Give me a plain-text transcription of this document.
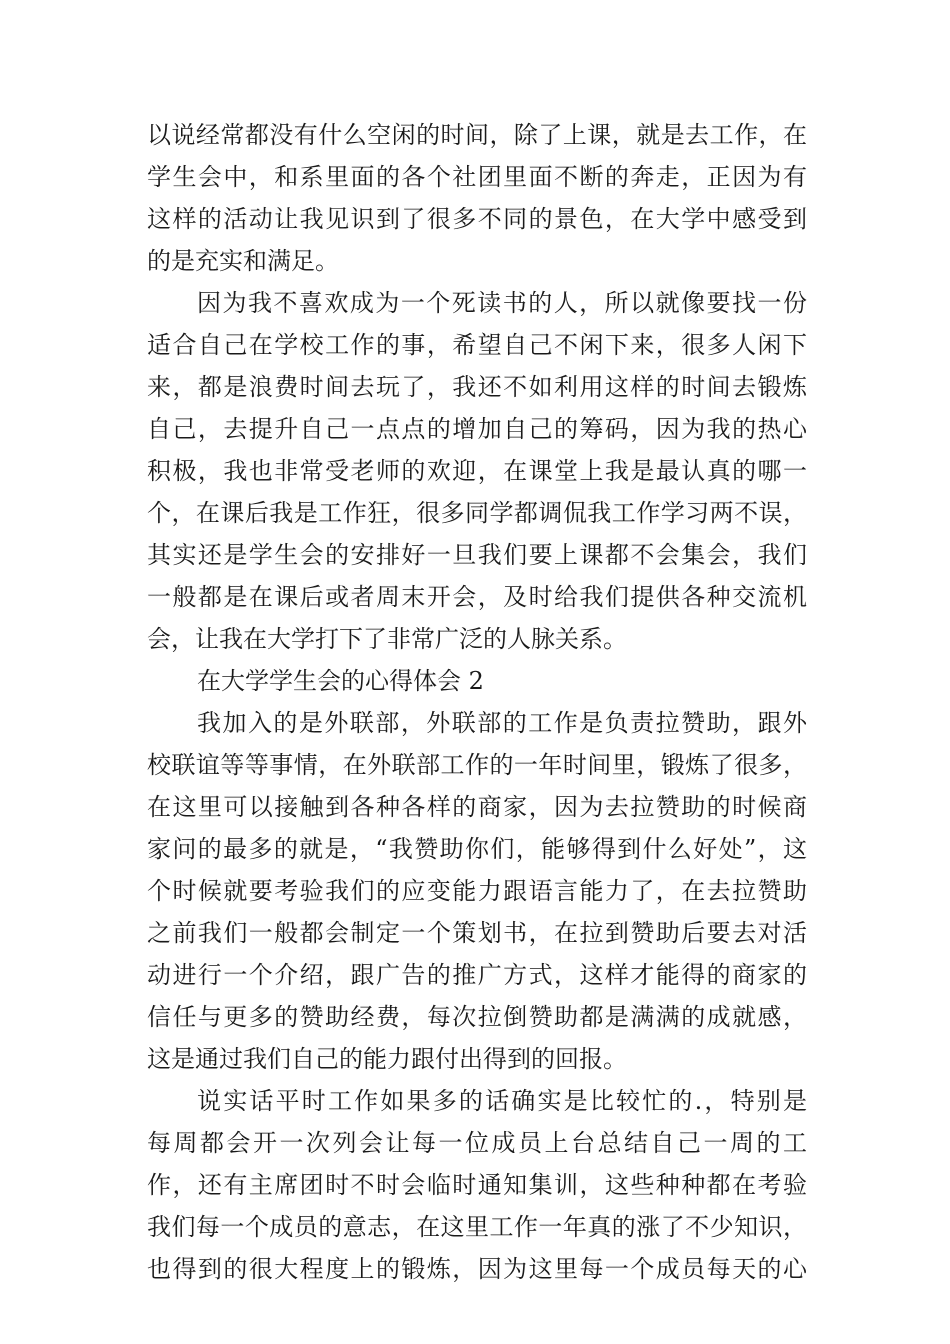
以说经常都没有什么空闲的时间，除了上课，就是去工作，在
学生会中，和系里面的各个社团里面不断的奔走，正因为有
这样的活动让我见识到了很多不同的景色，在大学中感受到
的是充实和满足。
因为我不喜欢成为一个死读书的人，所以就像要找一份
适合自己在学校工作的事，希望自己不闲下来，很多人闲下
来，都是浪费时间去玩了，我还不如利用这样的时间去锻炼
自己，去提升自己一点点的增加自己的筹码，因为我的热心
积极，我也非常受老师的欢迎，在课堂上我是最认真的哪一
个，在课后我是工作狂，很多同学都调侃我工作学习两不误，
其实还是学生会的安排好一旦我们要上课都不会集会，我们
一般都是在课后或者周末开会，及时给我们提供各种交流机
会，让我在大学打下了非常广泛的人脉关系。
在大学学生会的心得体会 2
我加入的是外联部，外联部的工作是负责拉赞助，跟外
校联谊等等事情，在外联部工作的一年时间里，锻炼了很多，
在这里可以接触到各种各样的商家，因为去拉赞助的时候商
家问的最多的就是，“我赞助你们，能够得到什么好处”，这
个时候就要考验我们的应变能力跟语言能力了，在去拉赞助
之前我们一般都会制定一个策划书，在拉到赞助后要去对活
动进行一个介绍，跟广告的推广方式，这样才能得的商家的
信任与更多的赞助经费，每次拉倒赞助都是满满的成就感，
这是通过我们自己的能力跟付出得到的回报。
说实话平时工作如果多的话确实是比较忙的.，特别是
每周都会开一次列会让每一位成员上台总结自己一周的工
作，还有主席团时不时会临时通知集训，这些种种都在考验
我们每一个成员的意志，在这里工作一年真的涨了不少知识，
也得到的很大程度上的锻炼，因为这里每一个成员每天的心
